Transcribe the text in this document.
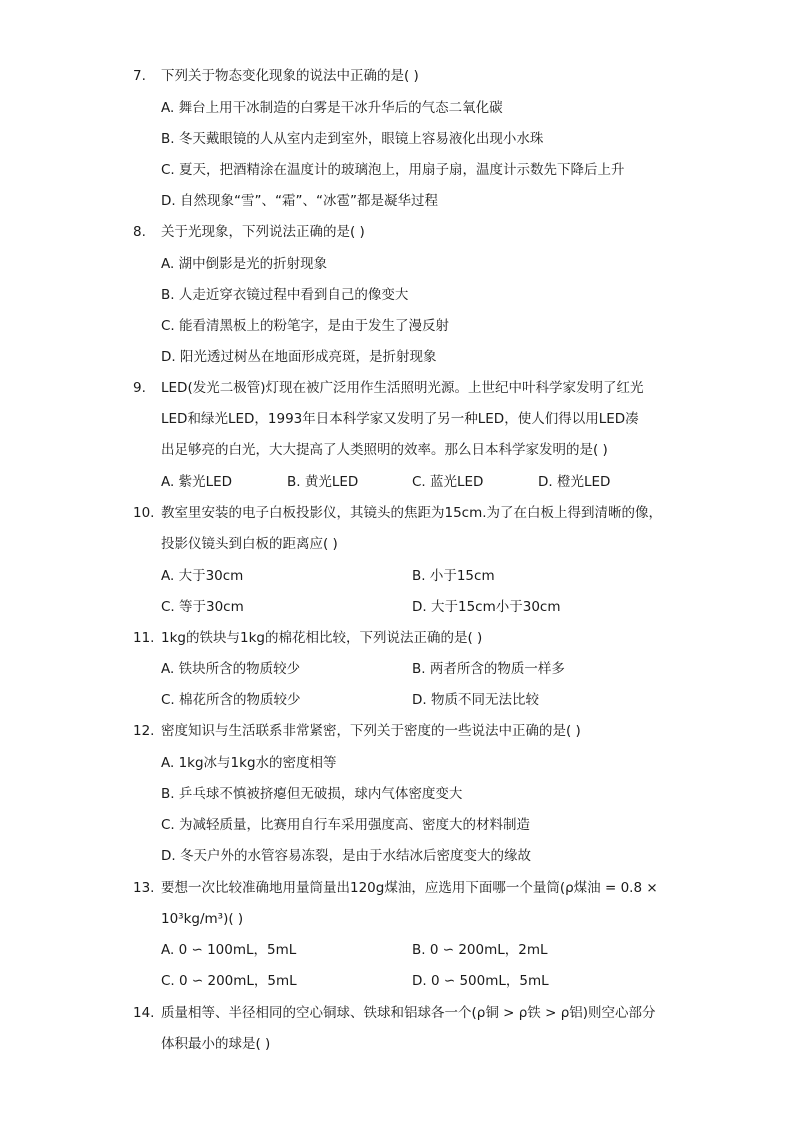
7. 下列关于物态变化现象的说法中正确的是( )
A. 舞台上用干冰制造的白雾是干冰升华后的气态二氧化碳
B. 冬天戴眼镜的人从室内走到室外，眼镜上容易液化出现小水珠
C. 夏天，把酒精涂在温度计的玻璃泡上，用扇子扇，温度计示数先下降后上升
D. 自然现象“雪”、“霜”、“冰雹”都是凝华过程
8. 关于光现象，下列说法正确的是( )
A. 湖中倒影是光的折射现象
B. 人走近穿衣镜过程中看到自己的像变大
C. 能看清黑板上的粉笔字，是由于发生了漫反射
D. 阳光透过树丛在地面形成亮斑，是折射现象
9. LED(发光二极管)灯现在被广泛用作生活照明光源。上世纪中叶科学家发明了红光
LED和绿光LED，1993年日本科学家又发明了另一种LED，使人们得以用LED凑
出足够亮的白光，大大提高了人类照明的效率。那么日本科学家发明的是( )
A. 紫光LED	B. 黄光LED	C. 蓝光LED	D. 橙光LED
10. 教室里安装的电子白板投影仪，其镜头的焦距为15cm.为了在白板上得到清晰的像，
投影仪镜头到白板的距离应( )
A. 大于30cm	B. 小于15cm
C. 等于30cm	D. 大于15cm小于30cm
11. 1kg的铁块与1kg的棉花相比较，下列说法正确的是( )
A. 铁块所含的物质较少	B. 两者所含的物质一样多
C. 棉花所含的物质较少	D. 物质不同无法比较
12. 密度知识与生活联系非常紧密，下列关于密度的一些说法中正确的是( )
A. 1kg冰与1kg水的密度相等
B. 乒乓球不慎被挤瘪但无破损，球内气体密度变大
C. 为减轻质量，比赛用自行车采用强度高、密度大的材料制造
D. 冬天户外的水管容易冻裂，是由于水结冰后密度变大的缘故
13. 要想一次比较准确地用量筒量出120g煤油，应选用下面哪一个量筒(ρ煤油 = 0.8 ×
10³kg/m³)( )
A. 0 ∽ 100mL，5mL	B. 0 ∽ 200mL，2mL
C. 0 ∽ 200mL，5mL	D. 0 ∽ 500mL，5mL
14. 质量相等、半径相同的空心铜球、铁球和铝球各一个(ρ铜 > ρ铁 > ρ铝)则空心部分
体积最小的球是( )
